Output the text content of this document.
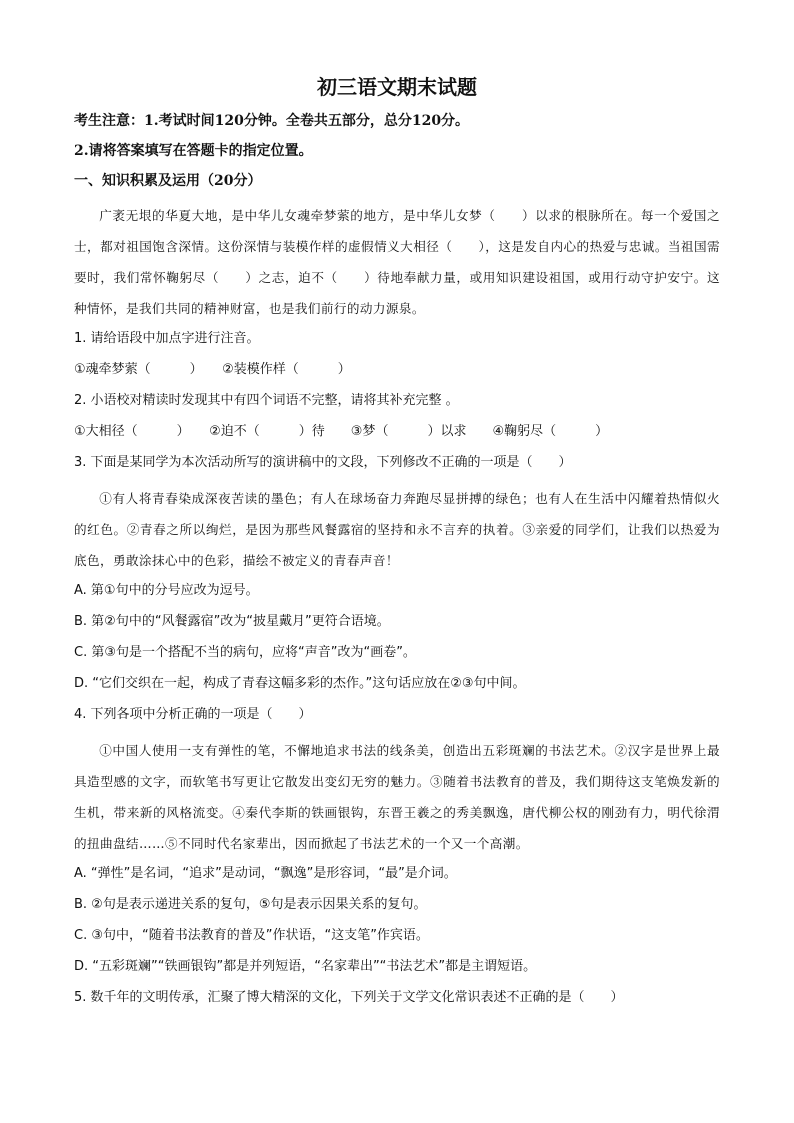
初三语文期末试题
考生注意：1.考试时间120分钟。全卷共五部分，总分120分。
2.请将答案填写在答题卡的指定位置。
一、知识积累及运用（20分）
广袤无垠的华夏大地，是中华儿女魂牵梦萦的地方，是中华儿女梦（　　）以求的根脉所在。每一个爱国之士，都对祖国饱含深情。这份深情与装模作样的虚假情义大相径（　　），这是发自内心的热爱与忠诚。当祖国需要时，我们常怀鞠躬尽（　　）之志，迫不（　　）待地奉献力量，或用知识建设祖国，或用行动守护安宁。这种情怀，是我们共同的精神财富，也是我们前行的动力源泉。
1. 请给语段中加点字进行注音。
①魂牵梦萦（　　　）　　②装模作样（　　　）
2. 小语校对精读时发现其中有四个词语不完整，请将其补充完整 。
①大相径（　　　）　　②迫不（　　　）待　　③梦（　　　）以求　　④鞠躬尽（　　　）
3. 下面是某同学为本次活动所写的演讲稿中的文段，下列修改不正确的一项是（　　）
①有人将青春染成深夜苦读的墨色；有人在球场奋力奔跑尽显拼搏的绿色；也有人在生活中闪耀着热情似火的红色。②青春之所以绚烂，是因为那些风餐露宿的坚持和永不言弃的执着。③亲爱的同学们，让我们以热爱为底色，勇敢涂抹心中的色彩，描绘不被定义的青春声音！
A. 第①句中的分号应改为逗号。
B. 第②句中的“风餐露宿”改为“披星戴月”更符合语境。
C. 第③句是一个搭配不当的病句，应将“声音”改为“画卷”。
D. “它们交织在一起，构成了青春这幅多彩的杰作。”这句话应放在②③句中间。
4. 下列各项中分析正确的一项是（　　）
①中国人使用一支有弹性的笔，不懈地追求书法的线条美，创造出五彩斑斓的书法艺术。②汉字是世界上最具造型感的文字，而软笔书写更让它散发出变幻无穷的魅力。③随着书法教育的普及，我们期待这支笔焕发新的生机，带来新的风格流变。④秦代李斯的铁画银钩，东晋王羲之的秀美飘逸，唐代柳公权的刚劲有力，明代徐渭的扭曲盘结……⑤不同时代名家辈出，因而掀起了书法艺术的一个又一个高潮。
A. “弹性”是名词，“追求”是动词，“飘逸”是形容词，“最”是介词。
B. ②句是表示递进关系的复句，⑤句是表示因果关系的复句。
C. ③句中，“随着书法教育的普及”作状语，“这支笔”作宾语。
D. “五彩斑斓”“铁画银钩”都是并列短语，“名家辈出”“书法艺术”都是主谓短语。
5. 数千年的文明传承，汇聚了博大精深的文化，下列关于文学文化常识表述不正确的是（　　）
